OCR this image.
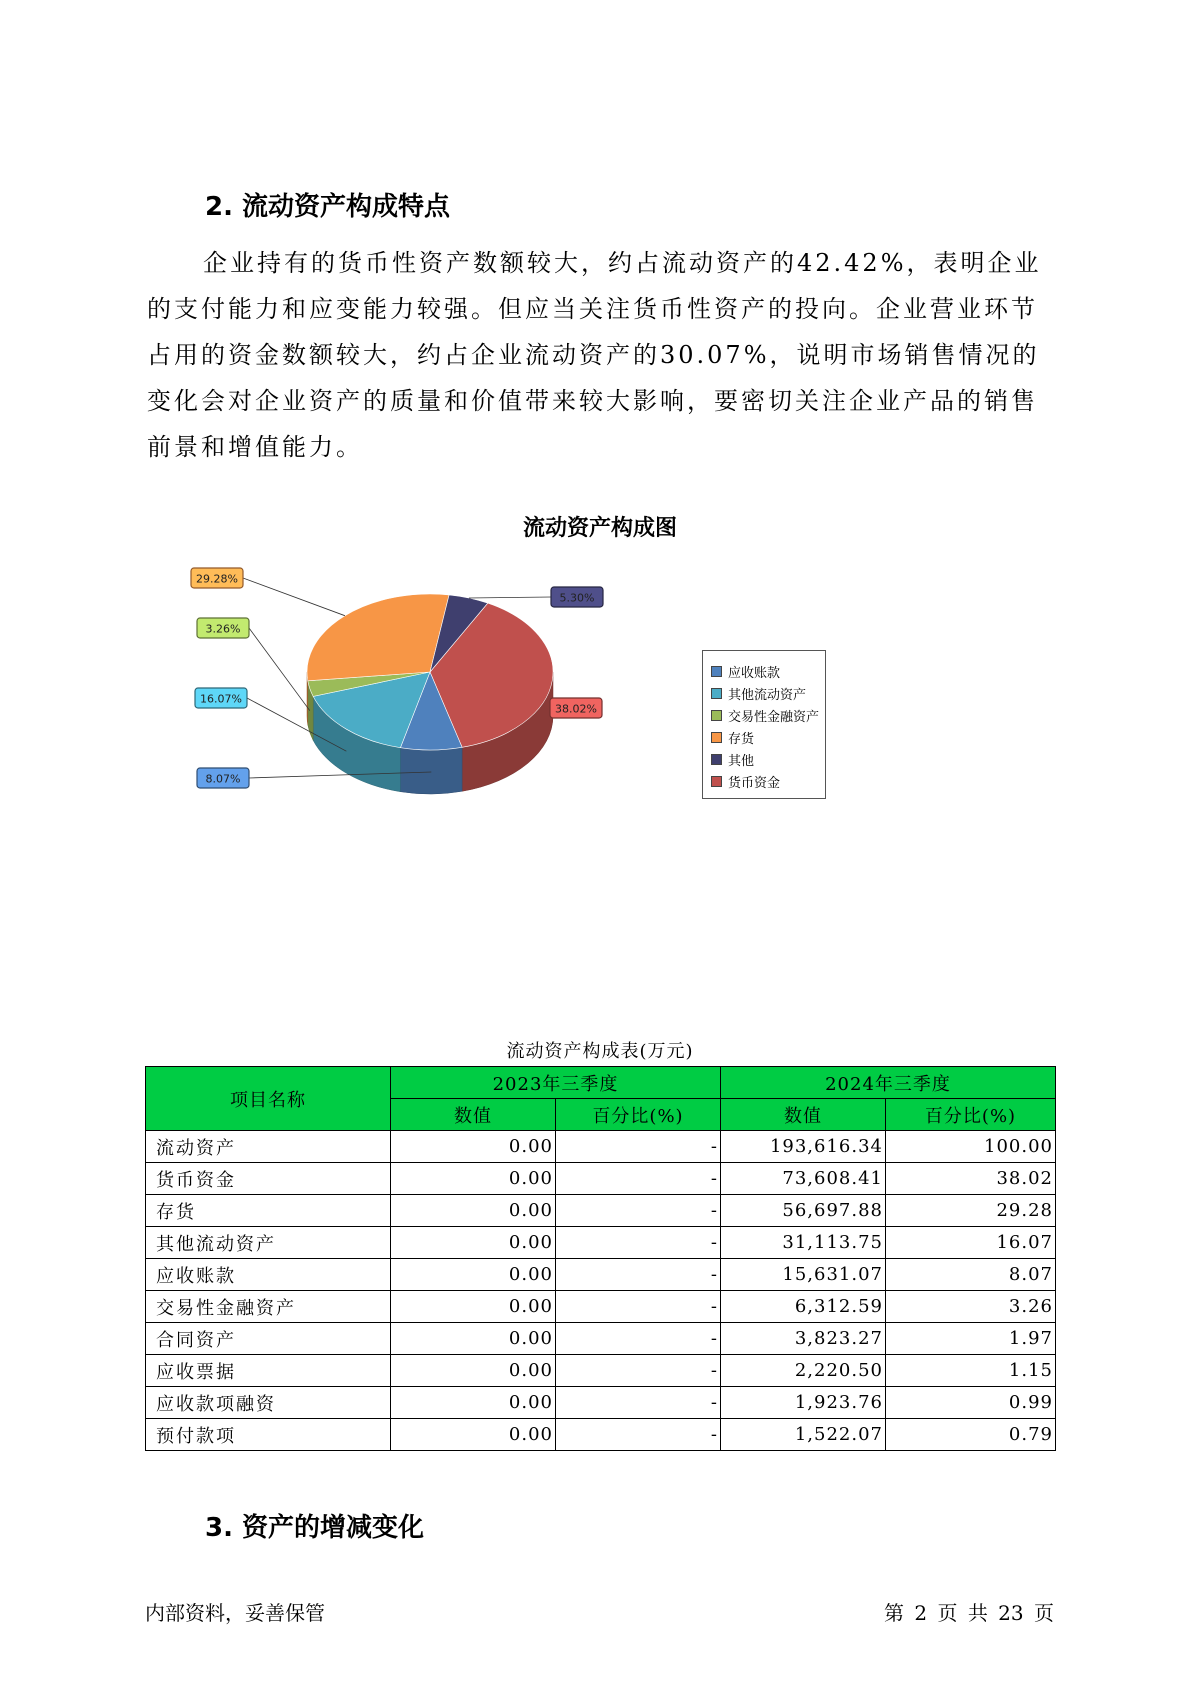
2. 流动资产构成特点

企业持有的货币性资产数额较大，约占流动资产的42.42%，表明企业的支付能力和应变能力较强。但应当关注货币性资产的投向。企业营业环节占用的资金数额较大，约占企业流动资产的30.07%，说明市场销售情况的变化会对企业资产的质量和价值带来较大影响，要密切关注企业产品的销售前景和增值能力。

流动资产构成图
38.02%
8.07%
16.07%
3.26%
29.28%
5.30%
应收账款
其他流动资产
交易性金融资产
存货
其他
货币资金
流动资产构成表(万元)
项目名称	2023年三季度		2024年三季度	
	数值	百分比(%)	数值	百分比(%)
流动资产	0.00	-	193,616.34	100.00
货币资金	0.00	-	73,608.41	38.02
存货	0.00	-	56,697.88	29.28
其他流动资产	0.00	-	31,113.75	16.07
应收账款	0.00	-	15,631.07	8.07
交易性金融资产	0.00	-	6,312.59	3.26
合同资产	0.00	-	3,823.27	1.97
应收票据	0.00	-	2,220.50	1.15
应收款项融资	0.00	-	1,923.76	0.99
预付款项	0.00	-	1,522.07	0.79
3. 资产的增减变化
内部资料，妥善保管	第 2 页 共 23 页
